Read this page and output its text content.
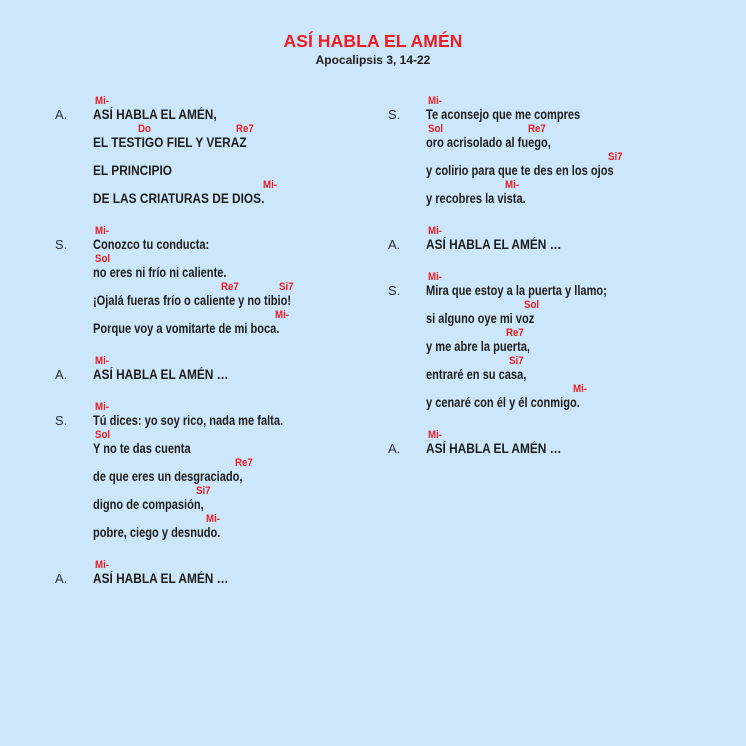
ASÍ HABLA EL AMÉN
Apocalipsis 3, 14-22
A.
Mi-
ASÍ HABLA EL AMÉN,
Do	Re7
EL TESTIGO FIEL Y VERAZ
EL PRINCIPIO
Mi-
DE LAS CRIATURAS DE DIOS.
S.
Mi-
Conozco tu conducta:
Sol
no eres ni frío ni caliente.
Re7	Si7
¡Ojalá fueras frío o caliente y no tibio!
Mi-
Porque voy a vomitarte de mi boca.
A.
Mi-
ASÍ HABLA EL AMÉN …
S.
Mi-
Tú dices: yo soy rico, nada me falta.
Sol
Y no te das cuenta
Re7
de que eres un desgraciado,
Si7
digno de compasión,
Mi-
pobre, ciego y desnudo.
A.
Mi-
ASÍ HABLA EL AMÉN …
S.
Mi-
Te aconsejo que me compres
Sol	Re7
oro acrisolado al fuego,
Si7
y colirio para que te des en los ojos
Mi-
y recobres la vista.
A.
Mi-
ASÍ HABLA EL AMÉN …
S.
Mi-
Mira que estoy a la puerta y llamo;
Sol
si alguno oye mi voz
Re7
y me abre la puerta,
Si7
entraré en su casa,
Mi-
y cenaré con él y él conmigo.
A.
Mi-
ASÍ HABLA EL AMÉN …
